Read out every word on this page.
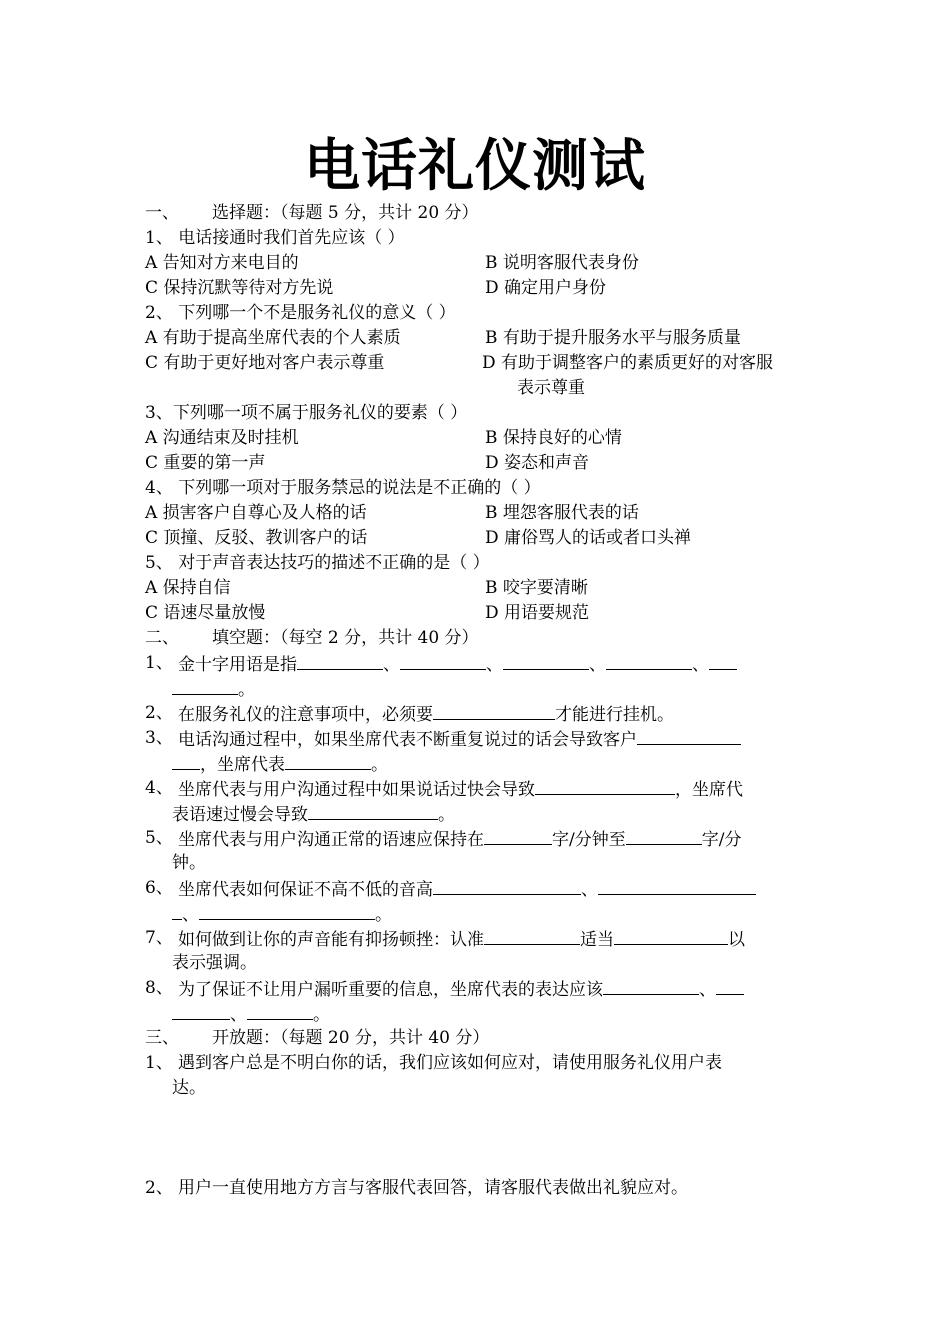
电话礼仪测试
一、 选择题：（每题 5 分，共计 20 分）
1、 电话接通时我们首先应该（ ）
A 告知对方来电目的	B 说明客服代表身份
C 保持沉默等待对方先说	D 确定用户身份
2、 下列哪一个不是服务礼仪的意义（ ）
A 有助于提高坐席代表的个人素质	B 有助于提升服务水平与服务质量
C 有助于更好地对客户表示尊重	D 有助于调整客户的素质更好的对客服
表示尊重
3、下列哪一项不属于服务礼仪的要素（ ）
A 沟通结束及时挂机	B 保持良好的心情
C 重要的第一声	D 姿态和声音
4、 下列哪一项对于服务禁忌的说法是不正确的（ ）
A 损害客户自尊心及人格的话	B 埋怨客服代表的话
C 顶撞、反驳、教训客户的话	D 庸俗骂人的话或者口头禅
5、 对于声音表达技巧的描述不正确的是（ ）
A 保持自信	B 咬字要清晰
C 语速尽量放慢	D 用语要规范
二、 填空题：（每空 2 分，共计 40 分）
1、 金十字用语是指	、	、	、	、
。
2、 在服务礼仪的注意事项中，必须要	才能进行挂机。
3、 电话沟通过程中，如果坐席代表不断重复说过的话会导致客户
，坐席代表	。
4、 坐席代表与用户沟通过程中如果说话过快会导致	，坐席代
表语速过慢会导致	。
5、 坐席代表与用户沟通正常的语速应保持在	字/分钟至	字/分
钟。
6、 坐席代表如何保证不高不低的音高	、
、	。
7、 如何做到让你的声音能有抑扬顿挫：认准	适当	以
表示强调。
8、 为了保证不让用户漏听重要的信息，坐席代表的表达应该	、
、	。
三、 开放题：（每题 20 分，共计 40 分）
1、 遇到客户总是不明白你的话，我们应该如何应对，请使用服务礼仪用户表
达。
2、 用户一直使用地方方言与客服代表回答，请客服代表做出礼貌应对。
